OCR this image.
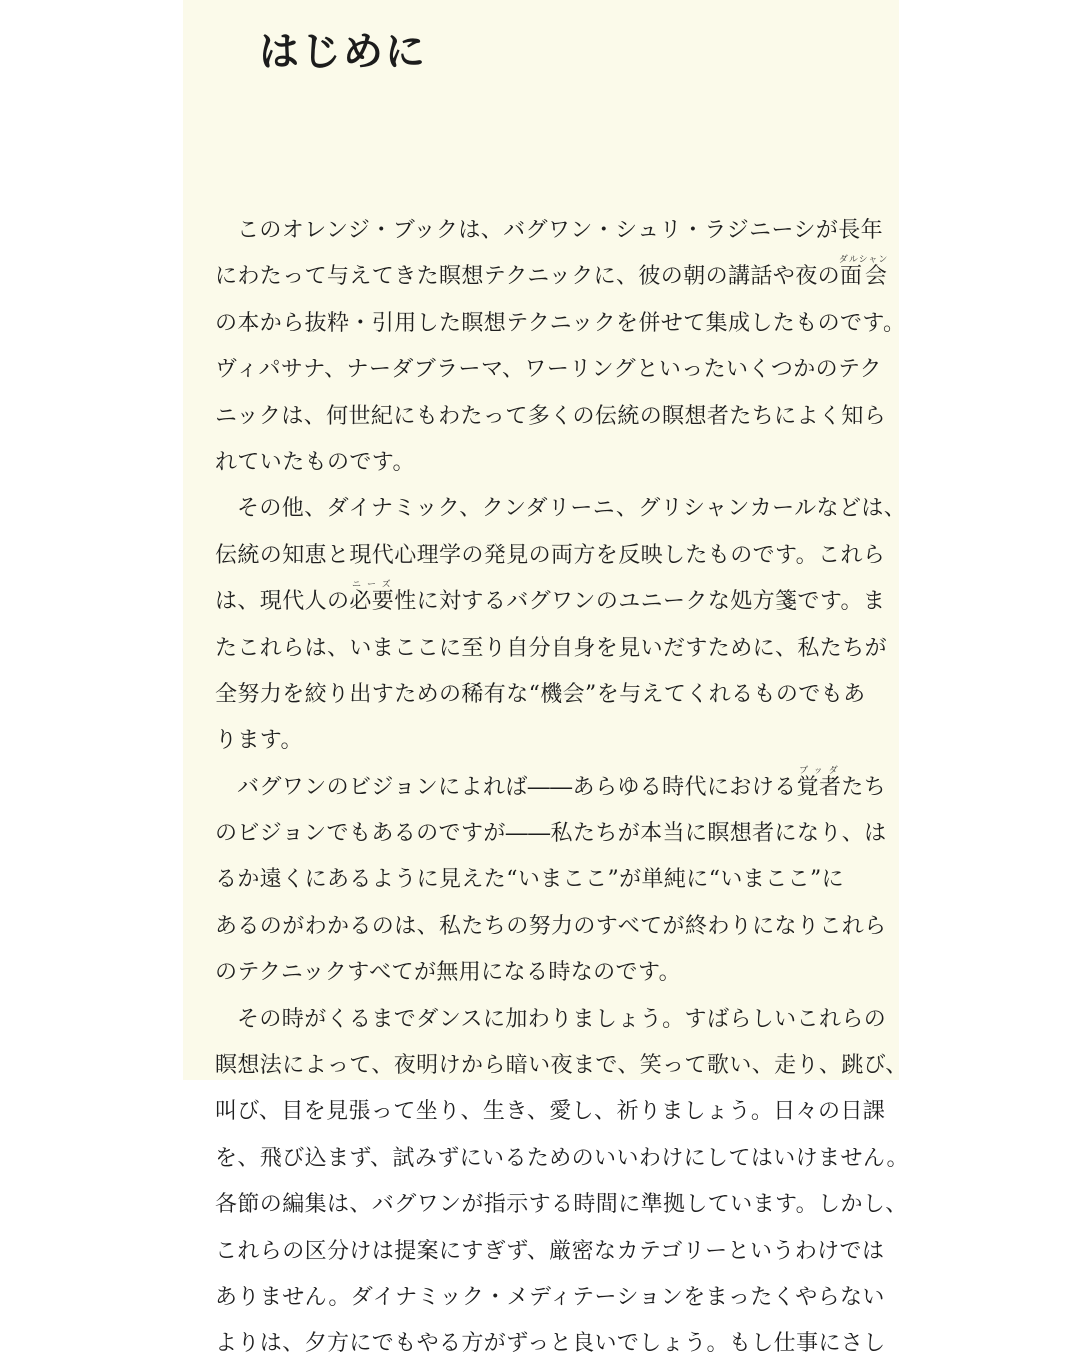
はじめに
このオレンジ・ブックは、バグワン・シュリ・ラジニーシが長年
にわたって与えてきた瞑想テクニックに、彼の朝の講話や夜の面会ダルシャン
の本から抜粋・引用した瞑想テクニックを併せて集成したものです。
ヴィパサナ、ナーダブラーマ、ワーリングといったいくつかのテク
ニックは、何世紀にもわたって多くの伝統の瞑想者たちによく知ら
れていたものです。
その他、ダイナミック、クンダリーニ、グリシャンカールなどは、
伝統の知恵と現代心理学の発見の両方を反映したものです。これら
は、現代人の必要ニーズ性に対するバグワンのユニークな処方箋です。ま
たこれらは、いまここに至り自分自身を見いだすために、私たちが
全努力を絞り出すための稀有な“機会”を与えてくれるものでもあ
ります。
バグワンのビジョンによれば――あらゆる時代における覚者ブッダたち
のビジョンでもあるのですが――私たちが本当に瞑想者になり、は
るか遠くにあるように見えた“いまここ”が単純に“いまここ”に
あるのがわかるのは、私たちの努力のすべてが終わりになりこれら
のテクニックすべてが無用になる時なのです。
その時がくるまでダンスに加わりましょう。すばらしいこれらの
瞑想法によって、夜明けから暗い夜まで、笑って歌い、走り、跳び、
叫び、目を見張って坐り、生き、愛し、祈りましょう。日々の日課
を、飛び込まず、試みずにいるためのいいわけにしてはいけません。
各節の編集は、バグワンが指示する時間に準拠しています。しかし、
これらの区分けは提案にすぎず、厳密なカテゴリーというわけでは
ありません。ダイナミック・メディテーションをまったくやらない
よりは、夕方にでもやる方がずっと良いでしょう。もし仕事にさし
